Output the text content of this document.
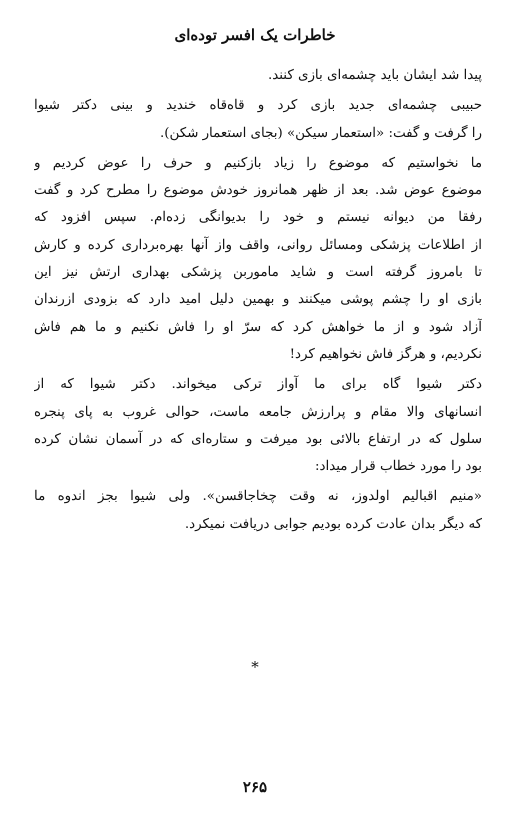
خاطرات یک افسر توده‌ای
پیدا شد ایشان باید چشمه‌ای بازی کنند.
حبیبی چشمه‌ای جدید بازی کرد و قاه‌قاه خندید و بینی دکتر شیوا
را گرفت و گفت: «استعمار سیکن» (بجای استعمار شکن).
ما نخواستیم که موضوع را زیاد بازکنیم و حرف را عوض کردیم و
موضوع عوض شد. بعد از ظهر همانروز خودش موضوع را مطرح کرد و گفت
رفقا من دیوانه نیستم و خود را بدیوانگی زده‌ام. سپس افزود که
از اطلاعات پزشکی ومسائل روانی، واقف واز آنها بهره‌برداری کرده و کارش
تا بامروز گرفته است و شاید ماموربن پزشکی بهداری ارتش نیز این
بازی او را چشم پوشی میکنند و بهمین دلیل امید دارد که بزودی ازرندان
آزاد شود و از ما خواهش کرد که سرّ او را فاش نکنیم و ما هم فاش
نکردیم، و هرگز فاش نخواهیم کرد!
دکتر شیوا گاه برای ما آواز ترکی میخواند. دکتر شیوا که از
انسانهای والا مقام و پرارزش جامعه ماست، حوالی غروب به پای پنجره
سلول که در ارتفاع بالائی بود میرفت و ستاره‌ای که در آسمان نشان کرده
بود را مورد خطاب قرار میداد:
«منیم اقبالیم اولدوز، نه وقت چخاجاقسن». ولی شیوا بجز اندوه ما
که دیگر بدان عادت کرده بودیم جوابی دریافت نمیکرد.
*
۲۶۵
